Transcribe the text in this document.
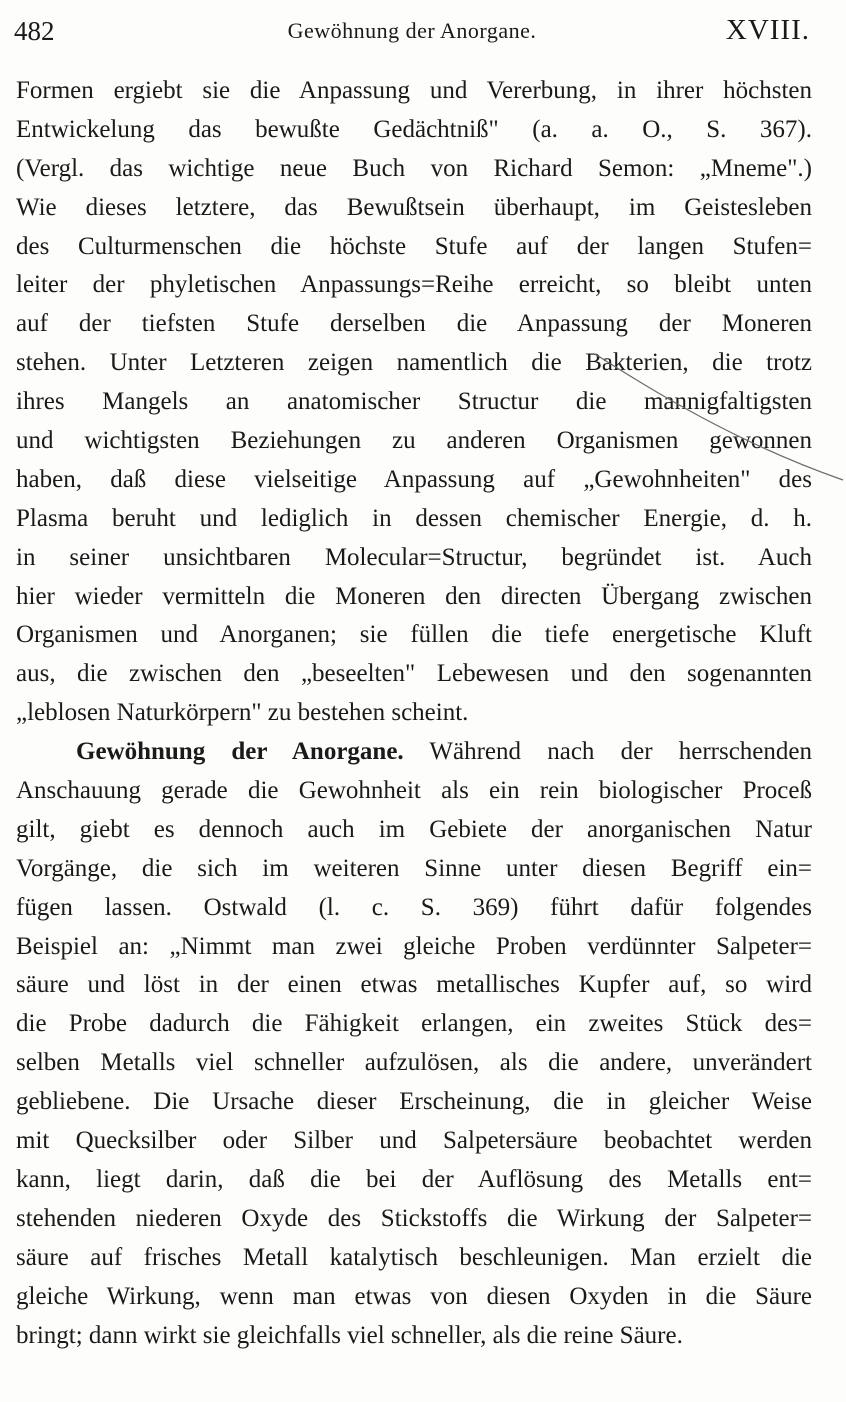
482	Gewöhnung der Anorgane.	XVIII.
Formen ergiebt sie die Anpassung und Vererbung, in ihrer höchsten
Entwickelung das bewußte Gedächtniß" (a. a. O., S. 367).
(Vergl. das wichtige neue Buch von Richard Semon: „Mneme".)
Wie dieses letztere, das Bewußtsein überhaupt, im Geistesleben
des Culturmenschen die höchste Stufe auf der langen Stufen=
leiter der phyletischen Anpassungs=Reihe erreicht, so bleibt unten
auf der tiefsten Stufe derselben die Anpassung der Moneren
stehen. Unter Letzteren zeigen namentlich die Bakterien, die trotz
ihres Mangels an anatomischer Structur die mannigfaltigsten
und wichtigsten Beziehungen zu anderen Organismen gewonnen
haben, daß diese vielseitige Anpassung auf „Gewohnheiten" des
Plasma beruht und lediglich in dessen chemischer Energie, d. h.
in seiner unsichtbaren Molecular=Structur, begründet ist. Auch
hier wieder vermitteln die Moneren den directen Übergang zwischen
Organismen und Anorganen; sie füllen die tiefe energetische Kluft
aus, die zwischen den „beseelten" Lebewesen und den sogenannten
„leblosen Naturkörpern" zu bestehen scheint.
Gewöhnung der Anorgane. Während nach der herrschenden
Anschauung gerade die Gewohnheit als ein rein biologischer Proceß
gilt, giebt es dennoch auch im Gebiete der anorganischen Natur
Vorgänge, die sich im weiteren Sinne unter diesen Begriff ein=
fügen lassen. Ostwald (l. c. S. 369) führt dafür folgendes
Beispiel an: „Nimmt man zwei gleiche Proben verdünnter Salpeter=
säure und löst in der einen etwas metallisches Kupfer auf, so wird
die Probe dadurch die Fähigkeit erlangen, ein zweites Stück des=
selben Metalls viel schneller aufzulösen, als die andere, unverändert
gebliebene. Die Ursache dieser Erscheinung, die in gleicher Weise
mit Quecksilber oder Silber und Salpetersäure beobachtet werden
kann, liegt darin, daß die bei der Auflösung des Metalls ent=
stehenden niederen Oxyde des Stickstoffs die Wirkung der Salpeter=
säure auf frisches Metall katalytisch beschleunigen. Man erzielt die
gleiche Wirkung, wenn man etwas von diesen Oxyden in die Säure
bringt; dann wirkt sie gleichfalls viel schneller, als die reine Säure.
